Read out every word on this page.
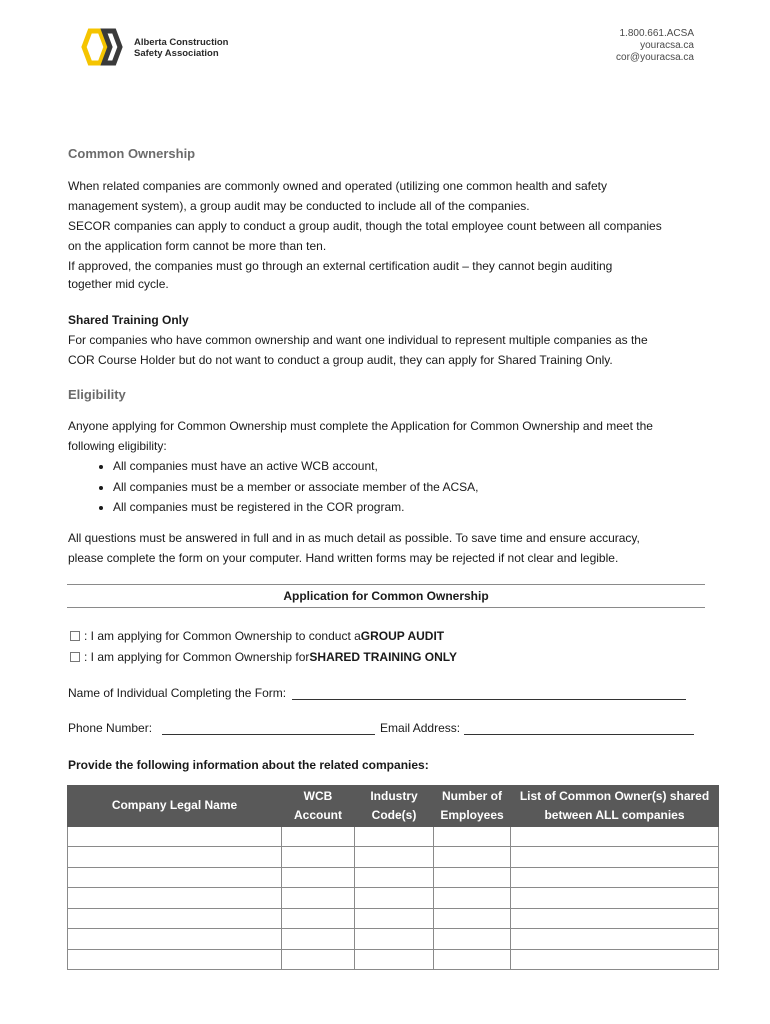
Alberta Construction
Safety Association
1.800.661.ACSA
youracsa.ca
cor@youracsa.ca
Common Ownership

When related companies are commonly owned and operated (utilizing one common health and safety

management system), a group audit may be conducted to include all of the companies.

SECOR companies can apply to conduct a group audit, though the total employee count between all companies

on the application form cannot be more than ten.

If approved, the companies must go through an external certification audit – they cannot begin auditing

together mid cycle.

Shared Training Only

For companies who have common ownership and want one individual to represent multiple companies as the

COR Course Holder but do not want to conduct a group audit, they can apply for Shared Training Only.

Eligibility

Anyone applying for Common Ownership must complete the Application for Common Ownership and meet the

following eligibility:

• All companies must have an active WCB account,
• All companies must be a member or associate member of the ACSA,
• All companies must be registered in the COR program.

All questions must be answered in full and in as much detail as possible. To save time and ensure accuracy,

please complete the form on your computer. Hand written forms may be rejected if not clear and legible.

Application for Common Ownership
: I am applying for Common Ownership to conduct a GROUP AUDIT
: I am applying for Common Ownership for SHARED TRAINING ONLY
Name of Individual Completing the Form:
Phone Number:	Email Address:
Provide the following information about the related companies:
Company Legal Name	WCB Account	Industry Code(s)	Number of Employees	List of Common Owner(s) shared between ALL companies
